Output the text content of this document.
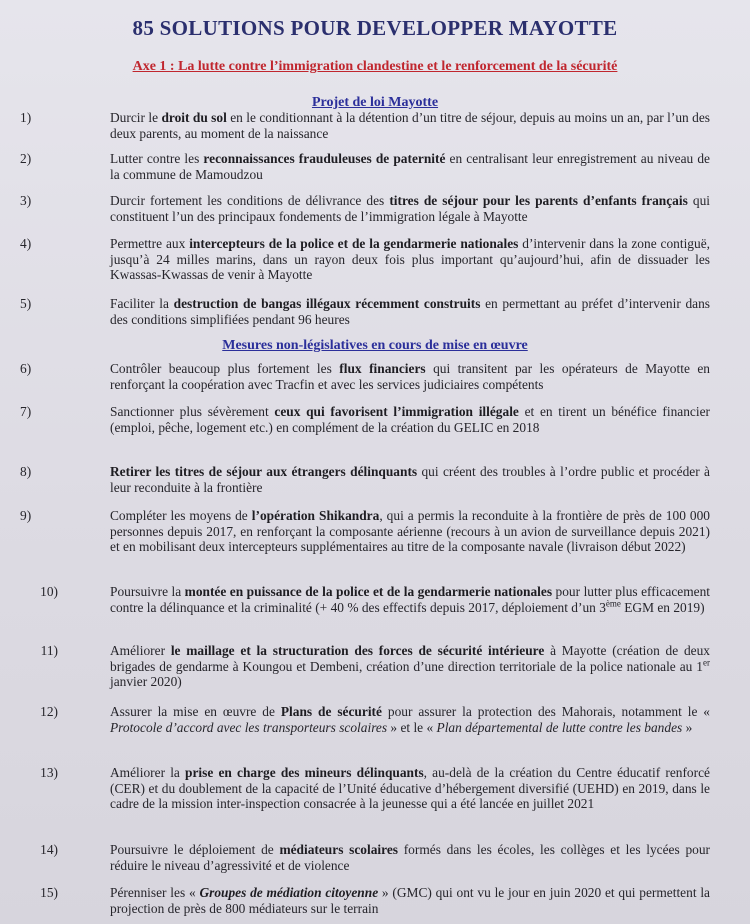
85 SOLUTIONS POUR DEVELOPPER MAYOTTE
Axe 1 : La lutte contre l’immigration clandestine et le renforcement de la sécurité
Projet de loi Mayotte
1)	Durcir le droit du sol en le conditionnant à la détention d’un titre de séjour, depuis au moins un an, par l’un des deux parents, au moment de la naissance
2)	Lutter contre les reconnaissances frauduleuses de paternité en centralisant leur enregistrement au niveau de la commune de Mamoudzou
3)	Durcir fortement les conditions de délivrance des titres de séjour pour les parents d’enfants français qui constituent l’un des principaux fondements de l’immigration légale à Mayotte
4)	Permettre aux intercepteurs de la police et de la gendarmerie nationales d’intervenir dans la zone contiguë, jusqu’à 24 milles marins, dans un rayon deux fois plus important qu’aujourd’hui, afin de dissuader les Kwassas-Kwassas de venir à Mayotte
5)	Faciliter la destruction de bangas illégaux récemment construits en permettant au préfet d’intervenir dans des conditions simplifiées pendant 96 heures
Mesures non-législatives en cours de mise en œuvre
6)	Contrôler beaucoup plus fortement les flux financiers qui transitent par les opérateurs de Mayotte en renforçant la coopération avec Tracfin et avec les services judiciaires compétents
7)	Sanctionner plus sévèrement ceux qui favorisent l’immigration illégale et en tirent un bénéfice financier (emploi, pêche, logement etc.) en complément de la création du GELIC en 2018
8)	Retirer les titres de séjour aux étrangers délinquants qui créent des troubles à l’ordre public et procéder à leur reconduite à la frontière
9)	Compléter les moyens de l’opération Shikandra, qui a permis la reconduite à la frontière de près de 100 000 personnes depuis 2017, en renforçant la composante aérienne (recours à un avion de surveillance depuis 2021) et en mobilisant deux intercepteurs supplémentaires au titre de la composante navale (livraison début 2022)
10)	Poursuivre la montée en puissance de la police et de la gendarmerie nationales pour lutter plus efficacement contre la délinquance et la criminalité (+ 40 % des effectifs depuis 2017, déploiement d’un 3ème EGM en 2019)
11)	Améliorer le maillage et la structuration des forces de sécurité intérieure à Mayotte (création de deux brigades de gendarme à Koungou et Dembeni, création d’une direction territoriale de la police nationale au 1er janvier 2020)
12)	Assurer la mise en œuvre de Plans de sécurité pour assurer la protection des Mahorais, notamment le « Protocole d’accord avec les transporteurs scolaires » et le « Plan départemental de lutte contre les bandes »
13)	Améliorer la prise en charge des mineurs délinquants, au-delà de la création du Centre éducatif renforcé (CER) et du doublement de la capacité de l’Unité éducative d’hébergement diversifié (UEHD) en 2019, dans le cadre de la mission inter-inspection consacrée à la jeunesse qui a été lancée en juillet 2021
14)	Poursuivre le déploiement de médiateurs scolaires formés dans les écoles, les collèges et les lycées pour réduire le niveau d’agressivité et de violence
15)	Pérenniser les « Groupes de médiation citoyenne » (GMC) qui ont vu le jour en juin 2020 et qui permettent la projection de près de 800 médiateurs sur le terrain
